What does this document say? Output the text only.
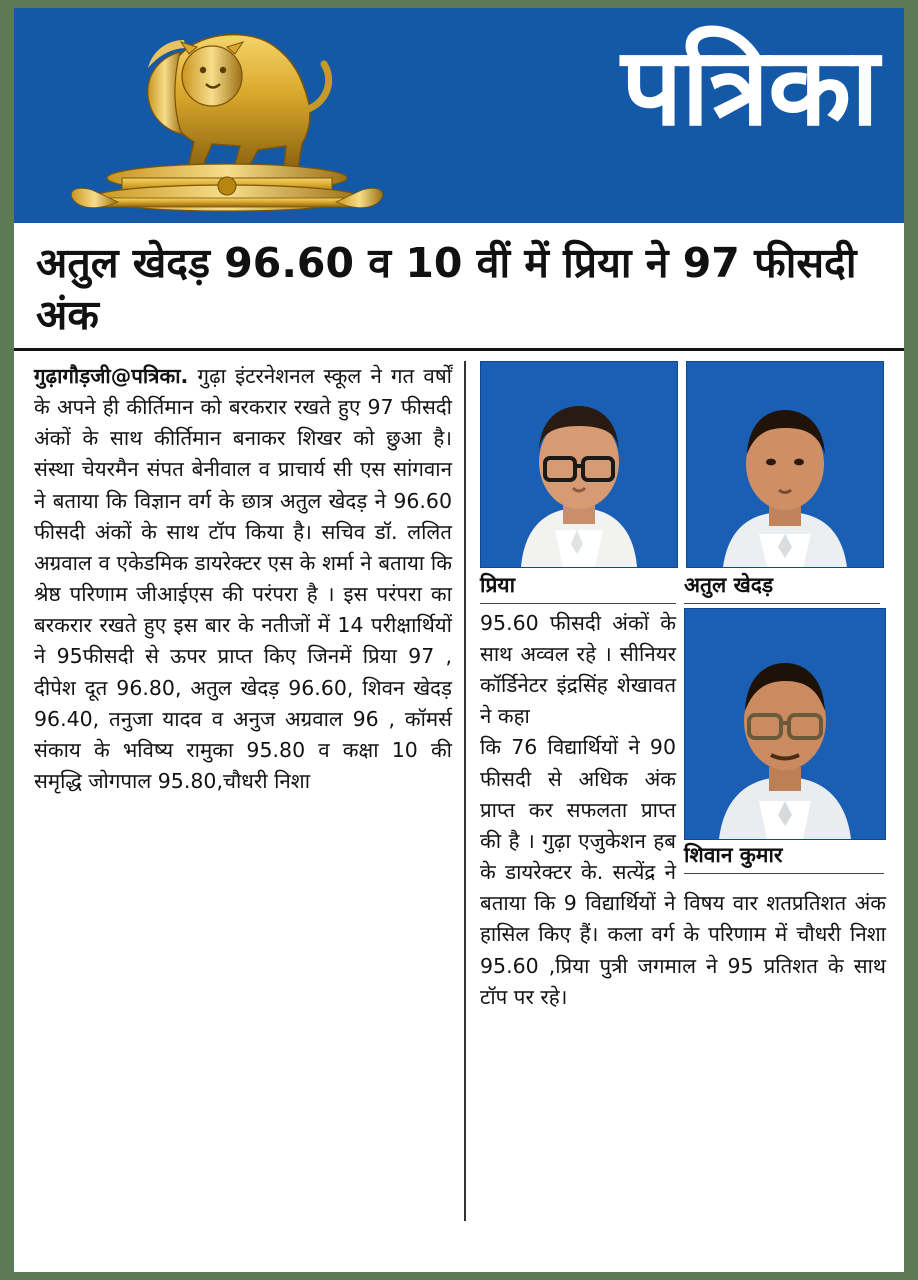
पत्रिका
अतुल खेदड़ 96.60 व 10 वीं में प्रिया ने 97 फीसदी अंक
गुढ़ागौड़जी@पत्रिका. गुढ़ा इंटरनेशनल स्कूल ने गत वर्षों के अपने ही कीर्तिमान को बरकरार रखते हुए 97 फीसदी अंकों के साथ कीर्तिमान बनाकर शिखर को छुआ है। संस्था चेयरमैन संपत बेनीवाल व प्राचार्य सी एस सांगवान ने बताया कि विज्ञान वर्ग के छात्र अतुल खेदड़ ने 96.60 फीसदी अंकों के साथ टॉप किया है। सचिव डॉ. ललित अग्रवाल व एकेडमिक डायरेक्टर एस के शर्मा ने बताया कि श्रेष्ठ परिणाम जीआईएस की परंपरा है । इस परंपरा का बरकरार रखते हुए इस बार के नतीजों में 14 परीक्षार्थियों ने 95फीसदी से ऊपर प्राप्त किए जिनमें प्रिया 97 , दीपेश दूत 96.80, अतुल खेदड़ 96.60, शिवन खेदड़ 96.40, तनुजा यादव व अनुज अग्रवाल 96 , कॉमर्स संकाय के भविष्य रामुका 95.80 व कक्षा 10 की समृद्धि जोगपाल 95.80,चौधरी निशा
प्रिया	अतुल खेदड़
शिवान कुमार
95.60 फीसदी अंकों के साथ अव्वल रहे । सीनियर कॉर्डिनेटर इंद्रसिंह शेखावत ने कहा
कि 76 विद्यार्थियों ने 90 फीसदी से अधिक अंक प्राप्त कर सफलता प्राप्त की है । गुढ़ा एजुकेशन हब के डायरेक्टर के. सत्येंद्र ने बताया कि 9 विद्यार्थियों ने विषय वार शतप्रतिशत अंक हासिल किए हैं। कला वर्ग के परिणाम में चौधरी निशा 95.60 ,प्रिया पुत्री जगमाल ने 95 प्रतिशत के साथ टॉप पर रहे।
